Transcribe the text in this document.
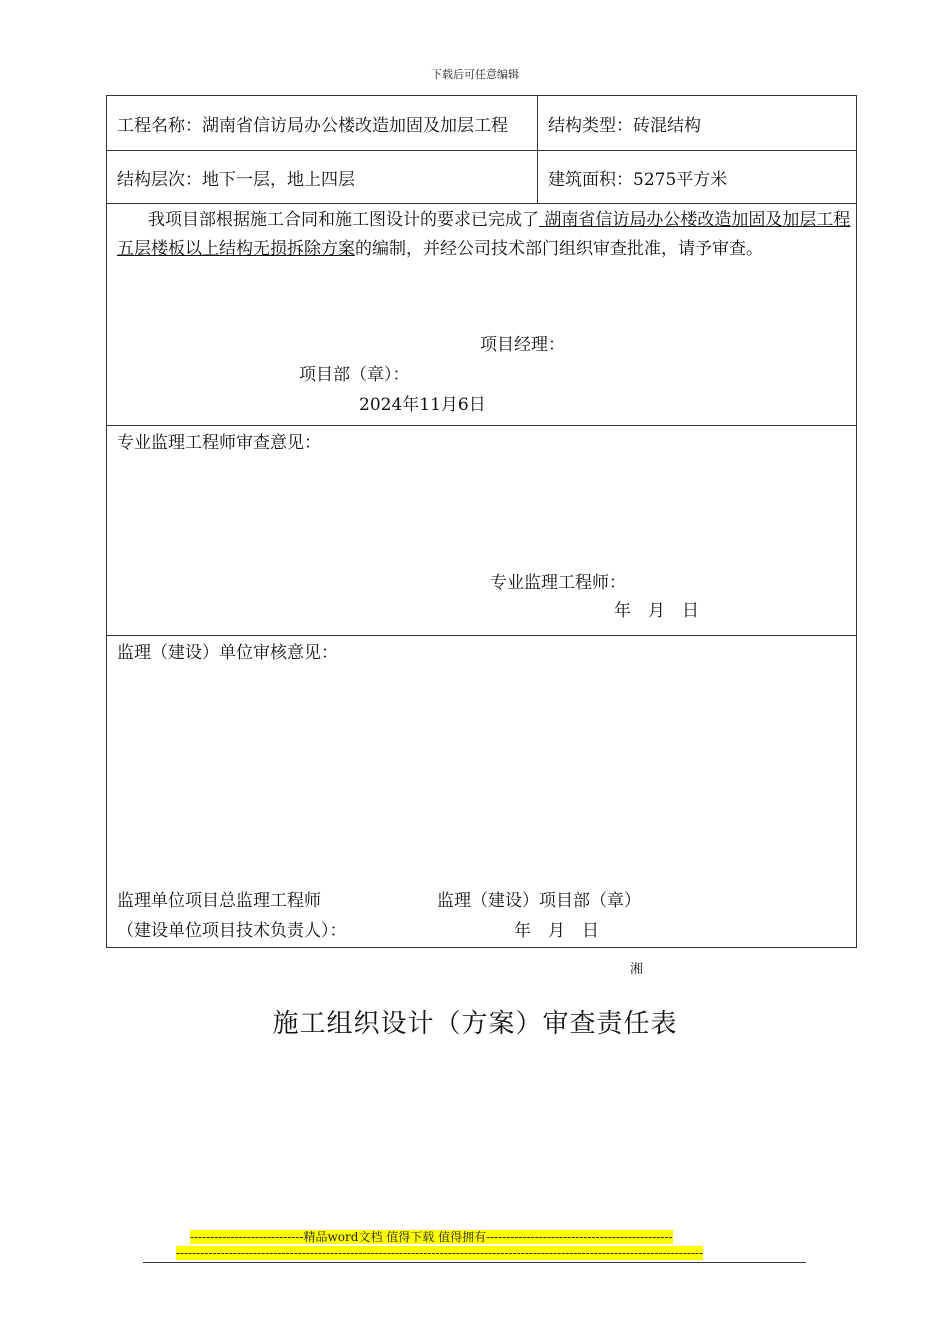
下载后可任意编辑
工程名称：湖南省信访局办公楼改造加固及加层工程	结构类型：砖混结构
结构层次：地下一层，地上四层	建筑面积：5275平方米

我项目部根据施工合同和施工图设计的要求已完成了 湖南省信访局办公楼改造加固及加层工程五层楼板以上结构无损拆除方案的编制，并经公司技术部门组织审查批准，请予审查。

项目经理：
项目部（章）：
2024年11月6日
专业监理工程师审查意见：
专业监理工程师：
年　月　日
监理（建设）单位审核意见：
监理单位项目总监理工程师	监理（建设）项目部（章）
（建设单位项目技术负责人）：	年　月　日
湘
施工组织设计（方案）审查责任表
----------------------------精品word文档 值得下载 值得拥有----------------------------------------------
----------------------------------------------------------------------------------------------------------------------------------
